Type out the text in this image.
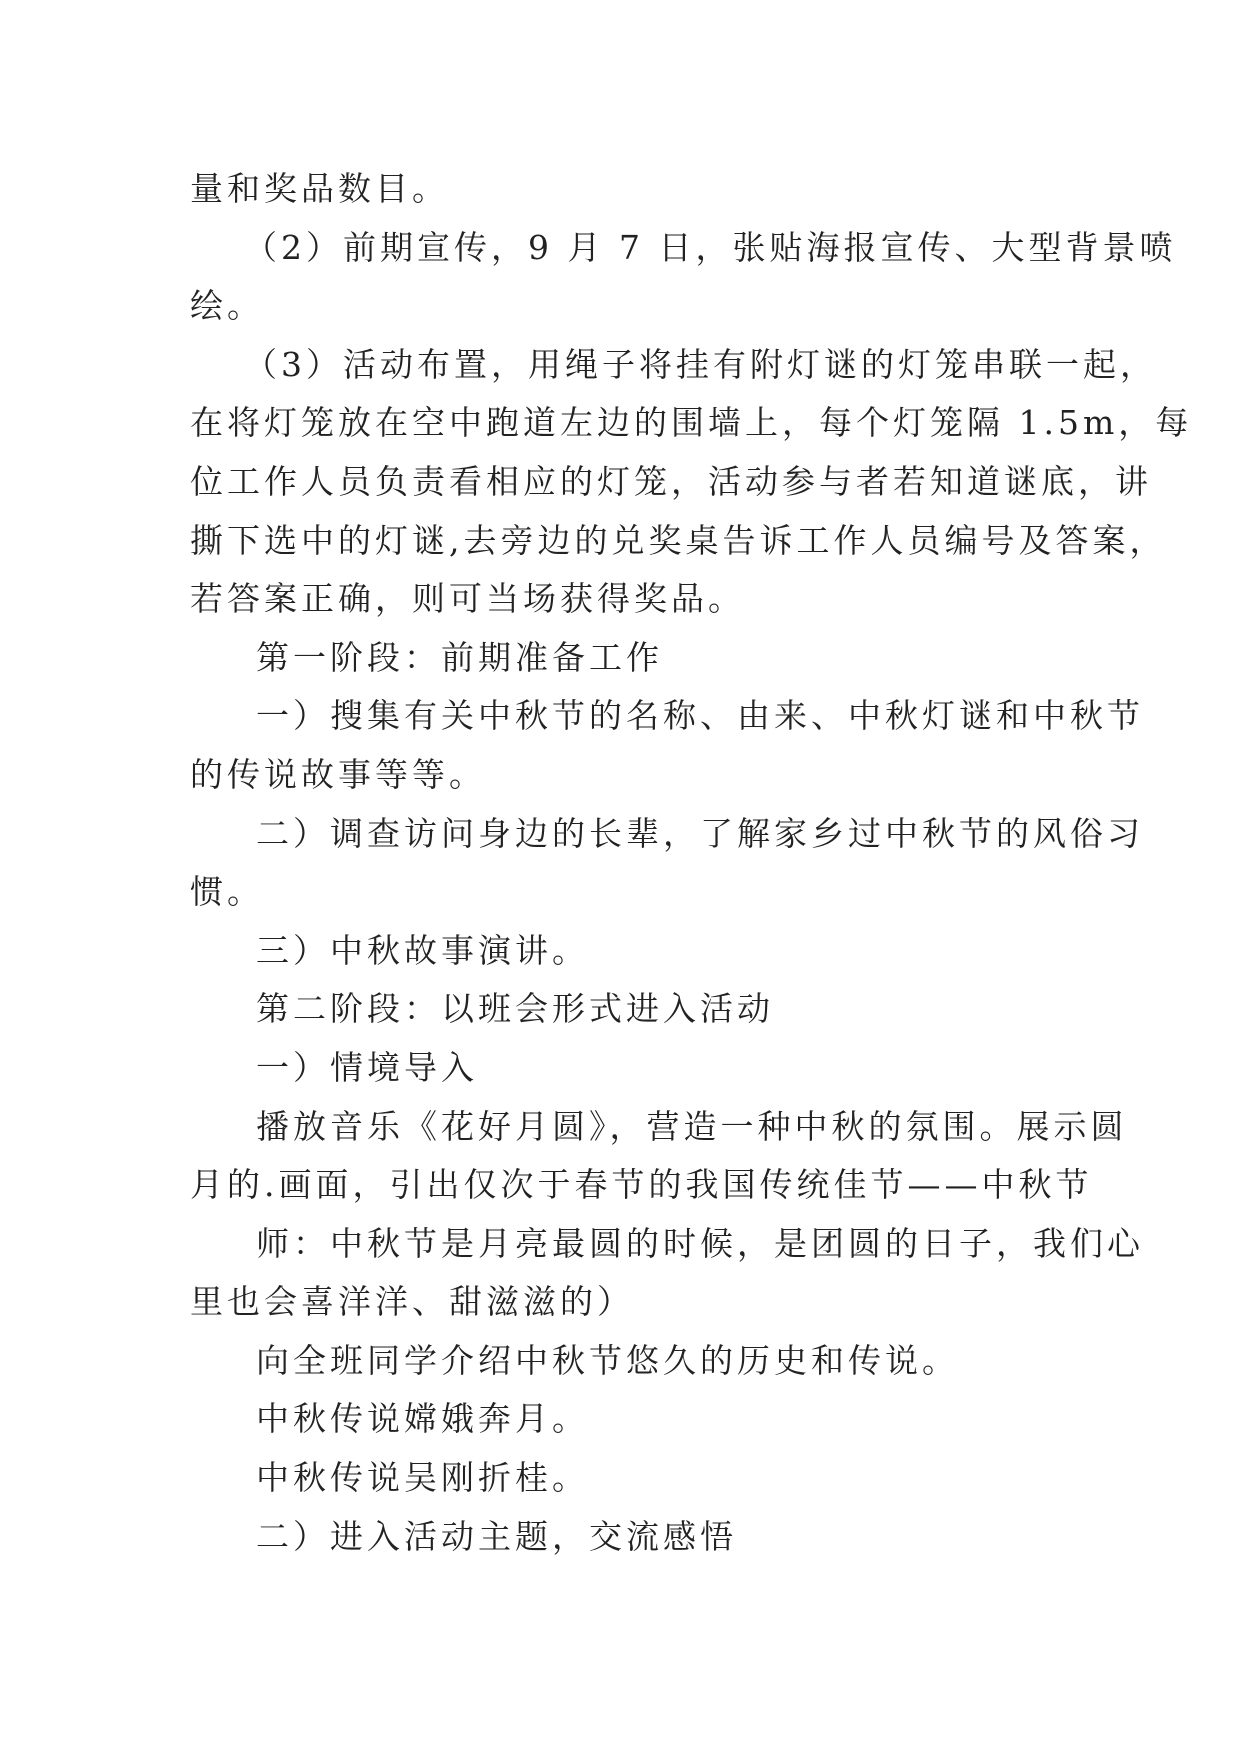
量和奖品数目。
（2）前期宣传，9 月 7 日，张贴海报宣传、大型背景喷
绘。
（3）活动布置，用绳子将挂有附灯谜的灯笼串联一起，
在将灯笼放在空中跑道左边的围墙上，每个灯笼隔 1.5m，每
位工作人员负责看相应的灯笼，活动参与者若知道谜底，讲
撕下选中的灯谜,去旁边的兑奖桌告诉工作人员编号及答案，
若答案正确，则可当场获得奖品。
第一阶段：前期准备工作
一）搜集有关中秋节的名称、由来、中秋灯谜和中秋节
的传说故事等等。
二）调查访问身边的长辈，了解家乡过中秋节的风俗习
惯。
三）中秋故事演讲。
第二阶段：以班会形式进入活动
一）情境导入
播放音乐《花好月圆》，营造一种中秋的氛围。展示圆
月的.画面，引出仅次于春节的我国传统佳节——中秋节
师：中秋节是月亮最圆的时候，是团圆的日子，我们心
里也会喜洋洋、甜滋滋的）
向全班同学介绍中秋节悠久的历史和传说。
中秋传说嫦娥奔月。
中秋传说吴刚折桂。
二）进入活动主题，交流感悟
